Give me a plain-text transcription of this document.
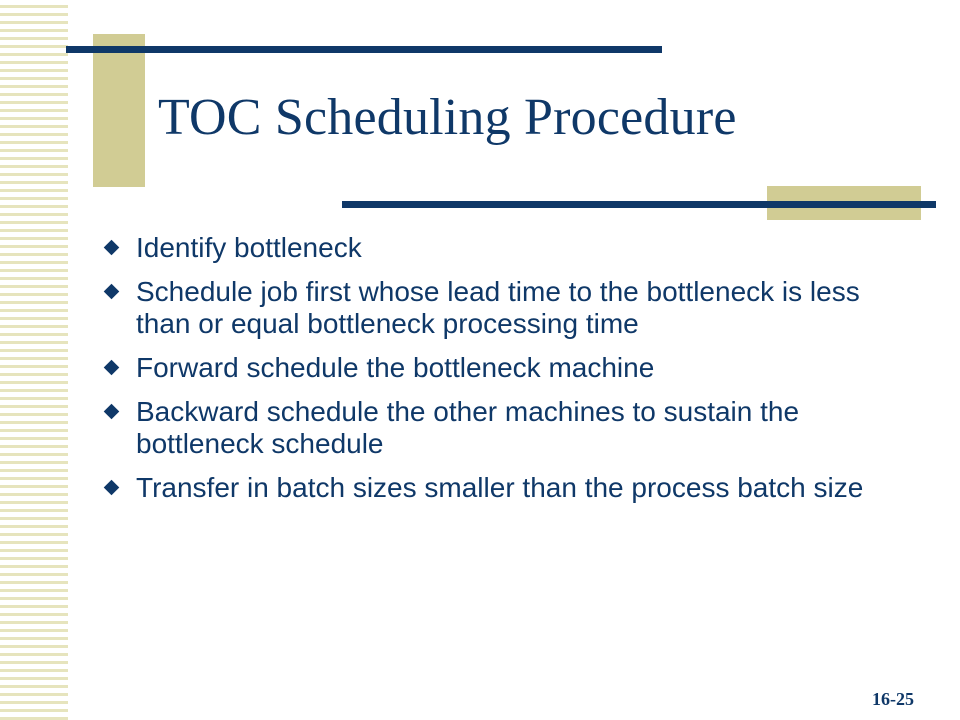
TOC Scheduling Procedure
Identify bottleneck
Schedule job first whose lead time to the bottleneck is less than or equal bottleneck processing time
Forward schedule the bottleneck machine
Backward schedule the other machines to sustain the bottleneck schedule
Transfer in batch sizes smaller than the process batch size
16-25
